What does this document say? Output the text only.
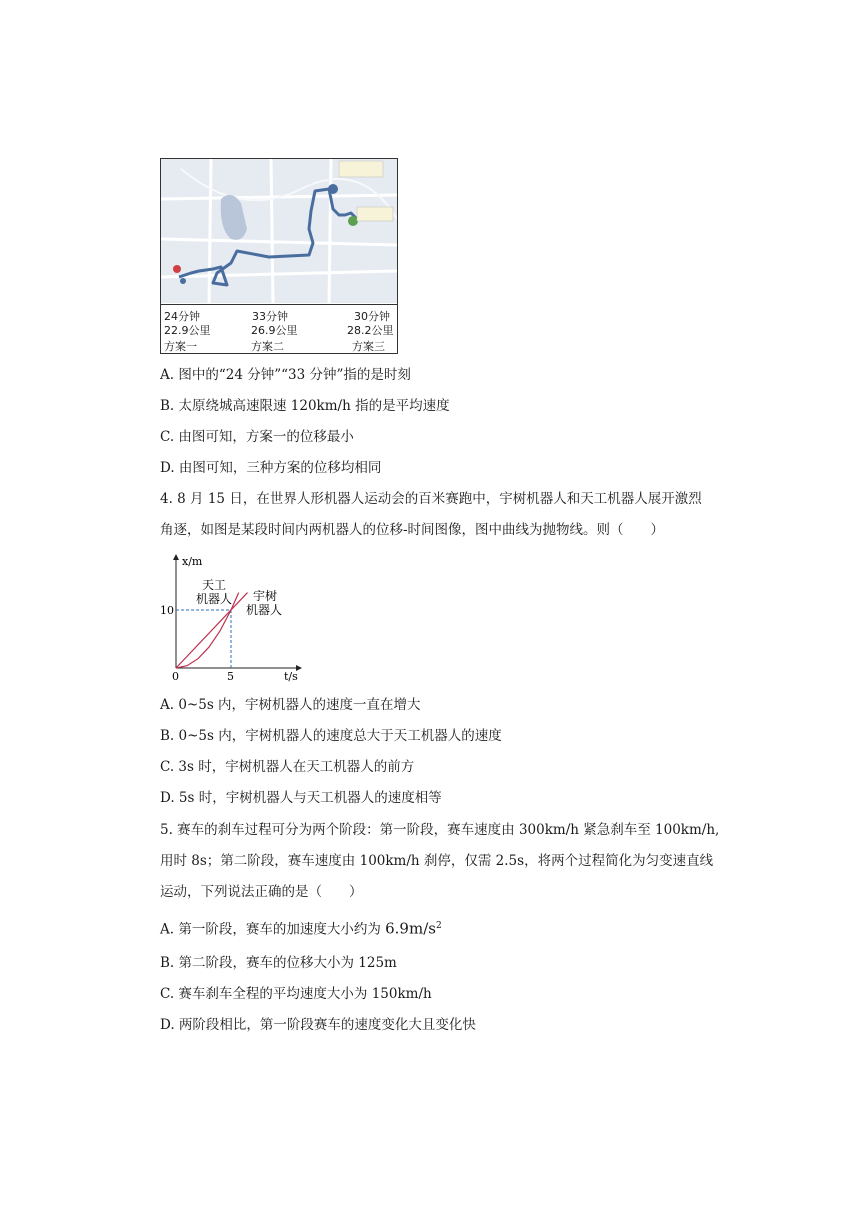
24分钟
22.9公里
方案一
33分钟
26.9公里
方案二
30分钟
28.2公里
方案三
A. 图中的“24 分钟”“33 分钟”指的是时刻
B. 太原绕城高速限速 120km/h 指的是平均速度
C. 由图可知，方案一的位移最小
D. 由图可知，三种方案的位移均相同
4. 8 月 15 日，在世界人形机器人运动会的百米赛跑中，宇树机器人和天工机器人展开激烈
角逐，如图是某段时间内两机器人的位移-时间图像，图中曲线为抛物线。则（　　）
x/m
t/s
0	5
10
天工
机器人 宇树
机器人
A. 0~5s 内，宇树机器人的速度一直在增大
B. 0~5s 内，宇树机器人的速度总大于天工机器人的速度
C. 3s 时，宇树机器人在天工机器人的前方
D. 5s 时，宇树机器人与天工机器人的速度相等
5. 赛车的刹车过程可分为两个阶段：第一阶段，赛车速度由 300km/h 紧急刹车至 100km/h,
用时 8s；第二阶段，赛车速度由 100km/h 刹停，仅需 2.5s，将两个过程简化为匀变速直线
运动，下列说法正确的是（　　）
A. 第一阶段，赛车的加速度大小约为 $6.9m/s^2$
B. 第二阶段，赛车的位移大小为 125m
C. 赛车刹车全程的平均速度大小为 150km/h
D. 两阶段相比，第一阶段赛车的速度变化大且变化快
